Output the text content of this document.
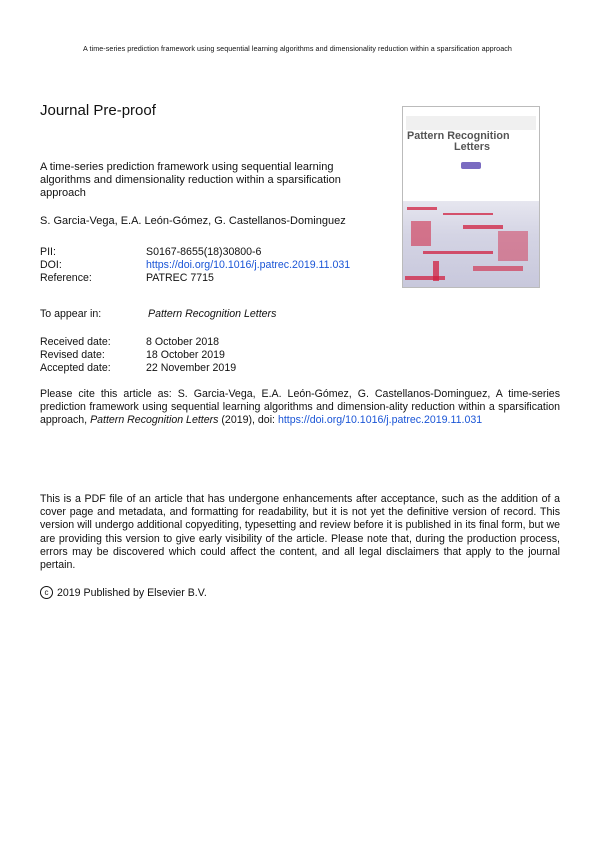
A time-series prediction framework using sequential learning algorithms and dimensionality reduction within a sparsification approach
Journal Pre-proof
A time-series prediction framework using sequential learning algorithms and dimensionality reduction within a sparsification approach
S. Garcia-Vega, E.A. León-Gómez, G. Castellanos-Dominguez
PII:	S0167-8655(18)30800-6
DOI:	https://doi.org/10.1016/j.patrec.2019.11.031
Reference:	PATREC 7715
To appear in:	Pattern Recognition Letters
Received date:	8 October 2018
Revised date:	18 October 2019
Accepted date:	22 November 2019
Please cite this article as: S. Garcia-Vega, E.A. León-Gómez, G. Castellanos-Dominguez, A time-series prediction framework using sequential learning algorithms and dimension-ality reduction within a sparsification approach, Pattern Recognition Letters (2019), doi: https://doi.org/10.1016/j.patrec.2019.11.031
This is a PDF file of an article that has undergone enhancements after acceptance, such as the addition of a cover page and metadata, and formatting for readability, but it is not yet the definitive version of record. This version will undergo additional copyediting, typesetting and review before it is published in its final form, but we are providing this version to give early visibility of the article. Please note that, during the production process, errors may be discovered which could affect the content, and all legal disclaimers that apply to the journal pertain.
c 2019 Published by Elsevier B.V.
Pattern Recognition
Letters
